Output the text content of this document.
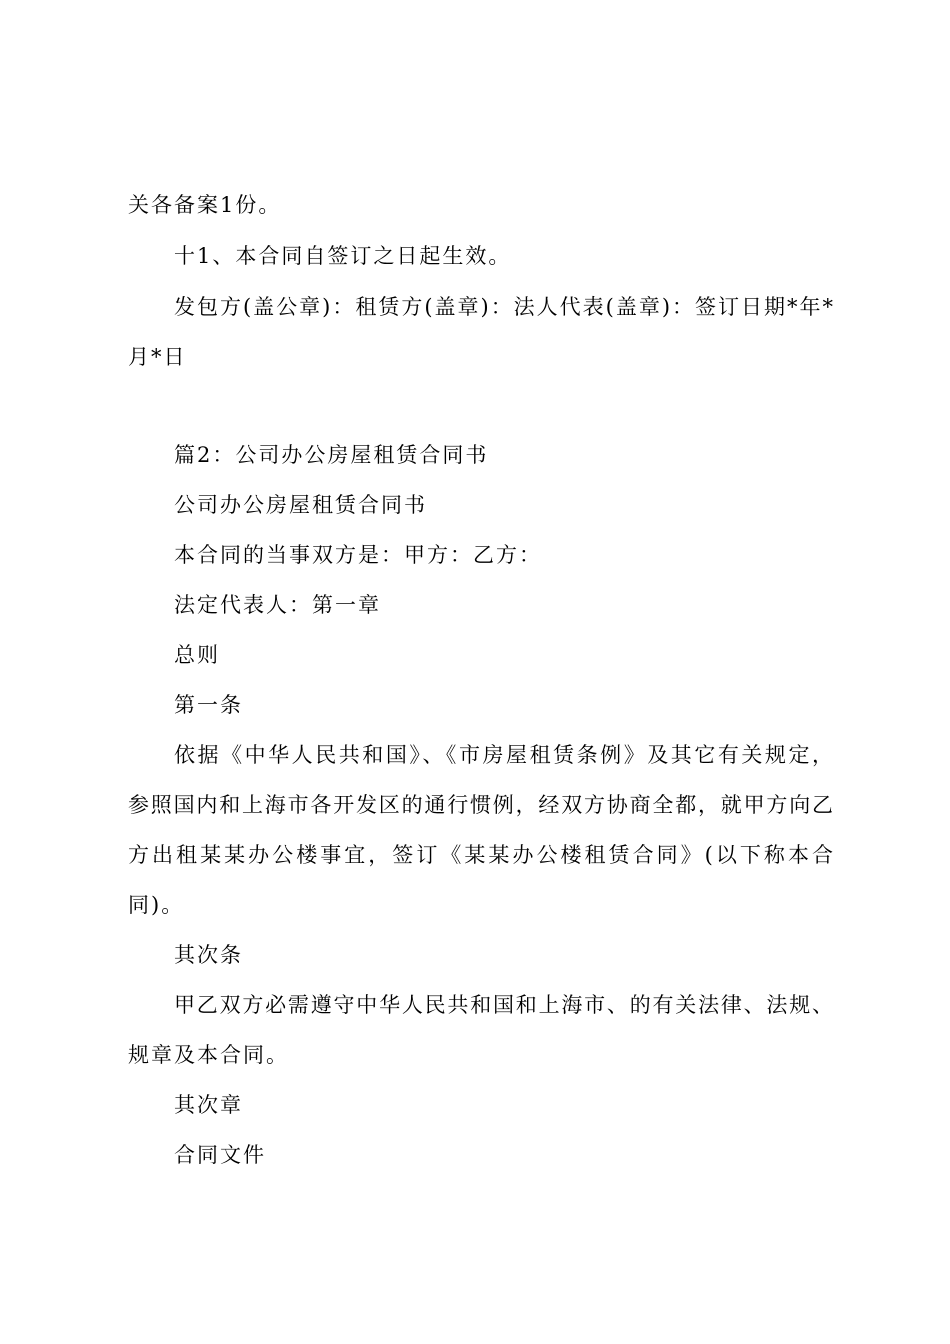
关各备案1份。
十1、本合同自签订之日起生效。
发包方(盖公章)：租赁方(盖章)：法人代表(盖章)：签订日期*年*
月*日
篇2：公司办公房屋租赁合同书
公司办公房屋租赁合同书
本合同的当事双方是：甲方：乙方：
法定代表人：第一章
总则
第一条
依据《中华人民共和国》、《市房屋租赁条例》及其它有关规定，
参照国内和上海市各开发区的通行惯例，经双方协商全都，就甲方向乙
方出租某某办公楼事宜，签订《某某办公楼租赁合同》(以下称本合
同)。
其次条
甲乙双方必需遵守中华人民共和国和上海市、的有关法律、法规、
规章及本合同。
其次章
合同文件
